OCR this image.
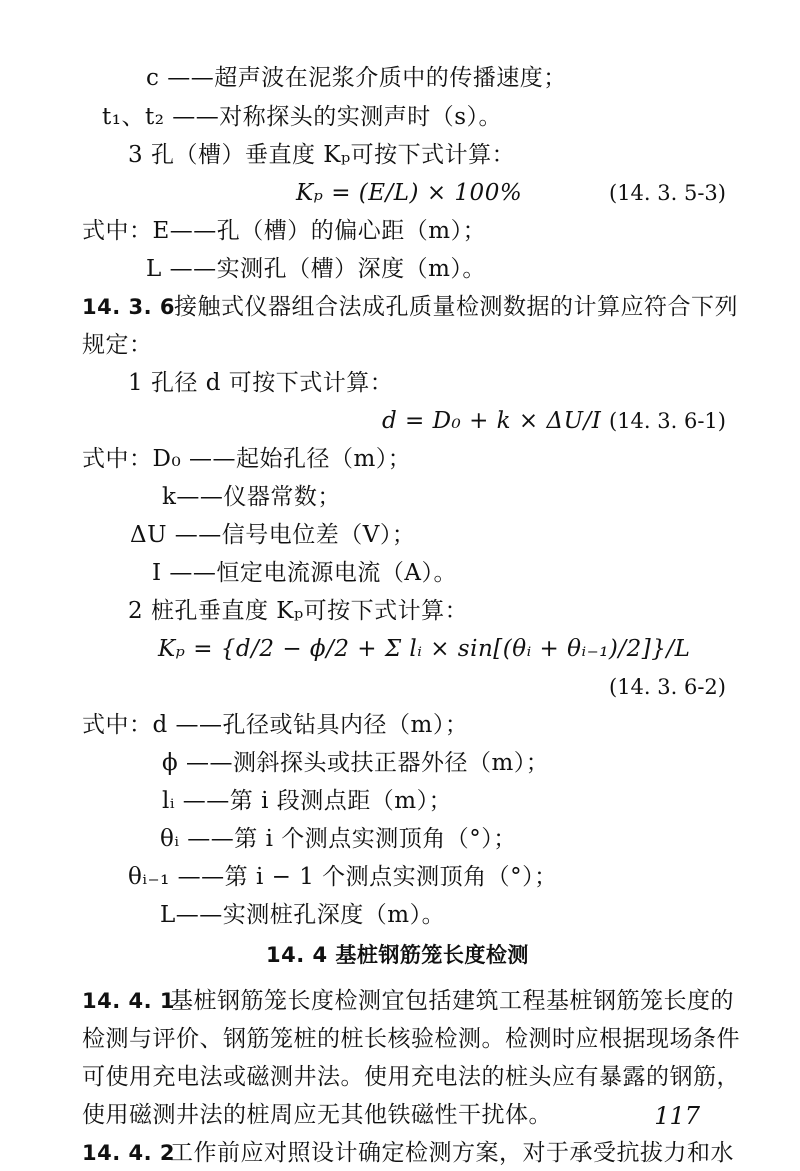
c ——超声波在泥浆介质中的传播速度；
t₁、t₂ ——对称探头的实测声时（s）。
3 孔（槽）垂直度 Kₚ可按下式计算：
Kₚ = (E/L) × 100%	(14. 3. 5-3)
式中：E——孔（槽）的偏心距（m）；
L ——实测孔（槽）深度（m）。
14. 3. 6
接触式仪器组合法成孔质量检测数据的计算应符合下列
规定：
1 孔径 d 可按下式计算：
d = D₀ + k × ΔU/I (14. 3. 6-1)
式中：D₀ ——起始孔径（m）；
k——仪器常数；
ΔU ——信号电位差（V）；
I ——恒定电流源电流（A）。
2 桩孔垂直度 Kₚ可按下式计算：
Kₚ = {d/2 − ϕ/2 + Σ lᵢ × sin[(θᵢ + θᵢ₋₁)/2]}/L
(14. 3. 6-2)
式中：d ——孔径或钻具内径（m）；
ϕ ——测斜探头或扶正器外径（m）；
lᵢ ——第 i 段测点距（m）；
θᵢ ——第 i 个测点实测顶角（°）；
θᵢ₋₁ ——第 i − 1 个测点实测顶角（°）；
L——实测桩孔深度（m）。
14. 4 基桩钢筋笼长度检测
14. 4. 1
基桩钢筋笼长度检测宜包括建筑工程基桩钢筋笼长度的
检测与评价、钢筋笼桩的桩长核验检测。检测时应根据现场条件
可使用充电法或磁测井法。使用充电法的桩头应有暴露的钢筋，
使用磁测井法的桩周应无其他铁磁性干扰体。
14. 4. 2
工作前应对照设计确定检测方案，对于承受抗拔力和水
117
